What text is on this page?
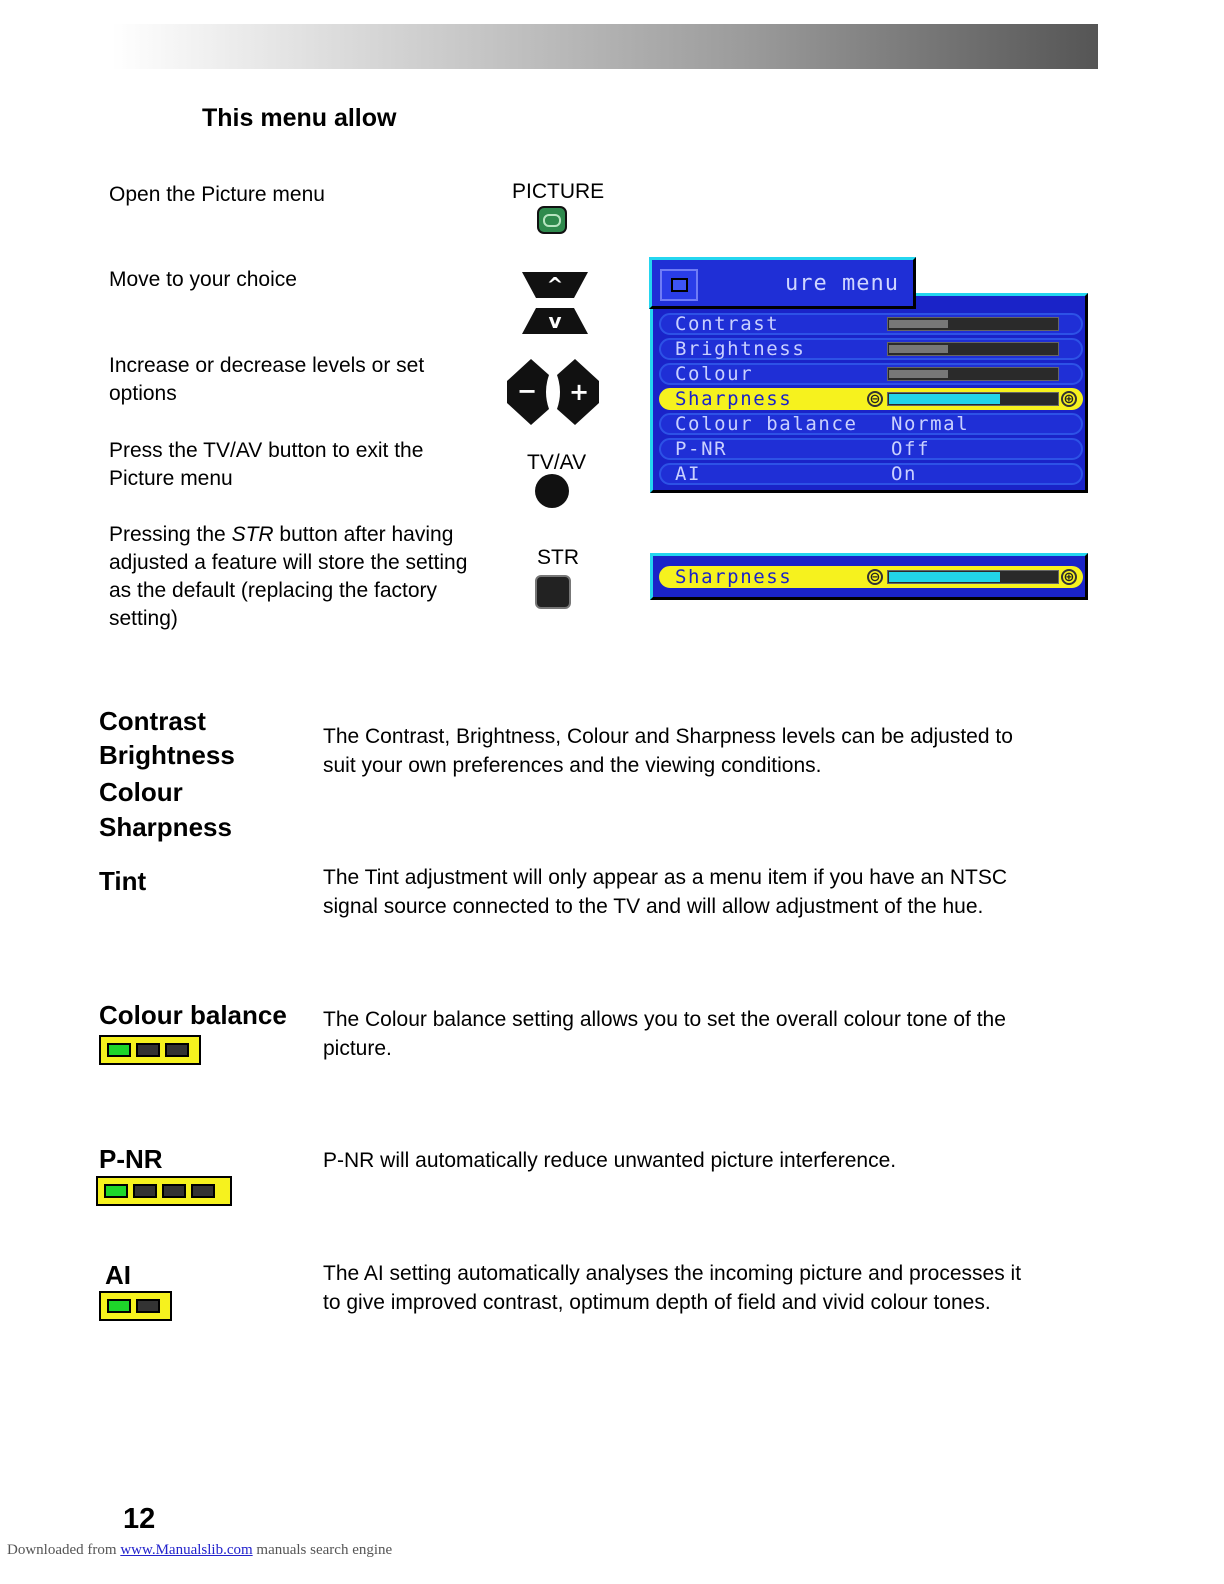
This menu allow
Open the Picture menu	PICTURE
Move to your choice	^
v
Increase or decrease levels or set
options	− +
Press the TV/AV button to exit the
Picture menu
TV/AV
Pressing the STR button after having
adjusted a feature will store the setting
as the default (replacing the factory
setting)
STR
ure menu
Contrast
Brightness
Colour
Sharpness	⊖	⊕
Colour balance Normal
P-NR	Off
AI	On
Sharpness	⊖	⊕
Contrast
Brightness
Colour
Sharpness
The Contrast, Brightness, Colour and Sharpness levels can be adjusted to
suit your own preferences and the viewing conditions.
Tint	The Tint adjustment will only appear as a menu item if you have an NTSC
signal source connected to the TV and will allow adjustment of the hue.
Colour balance The Colour balance setting allows you to set the overall colour tone of the
picture.
P-NR	P-NR will automatically reduce unwanted picture interference.
AI	The AI setting automatically analyses the incoming picture and processes it
to give improved contrast, optimum depth of field and vivid colour tones.
12
Downloaded from www.Manualslib.com manuals search engine
